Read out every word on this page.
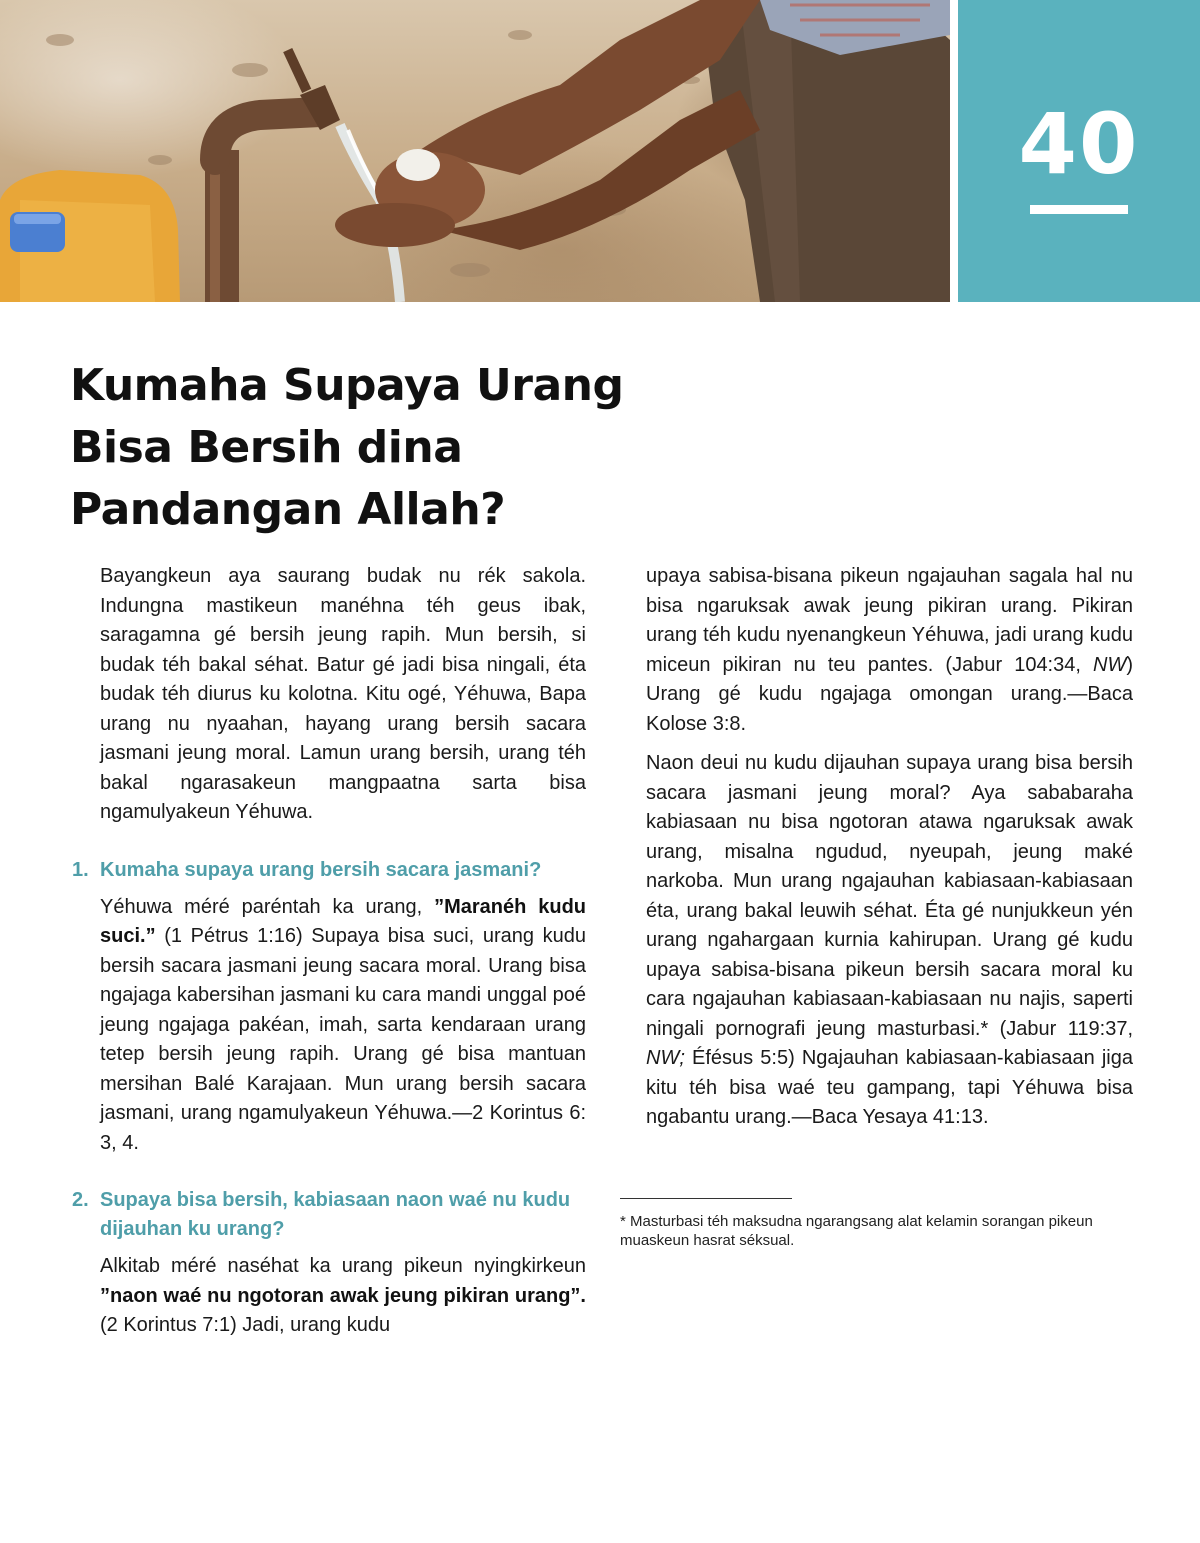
40
Kumaha Supaya Urang
Bisa Bersih dina
Pandangan Allah?

Bayangkeun aya saurang budak nu rék sakola. Indungna mastikeun manéhna téh geus ibak, saragamna gé bersih jeung rapih. Mun bersih, si budak téh bakal séhat. Batur gé jadi bisa ningali, éta budak téh diurus ku kolotna. Kitu ogé, Yéhuwa, Bapa urang nu nyaahan, hayang urang bersih sacara jasmani jeung moral. Lamun urang bersih, urang téh bakal ngarasakeun mangpaatna sarta bisa ngamulyakeun Yéhuwa.

1. Kumaha supaya urang bersih sacara jasmani?

Yéhuwa méré paréntah ka urang, ”Maranéh kudu suci.” (1 Pétrus 1:16) Supaya bisa suci, urang kudu bersih sacara jasmani jeung sacara moral. Urang bisa ngajaga kabersihan jasmani ku cara mandi unggal poé jeung ngajaga pakéan, imah, sarta kendaraan urang tetep bersih jeung rapih. Urang gé bisa mantuan mersihan Balé Karajaan. Mun urang bersih sacara jasmani, urang ngamulyakeun Yéhuwa.—2 Korintus 6: 3, 4.

2. Supaya bisa bersih, kabiasaan naon waé nu kudu dijauhan ku urang?

Alkitab méré naséhat ka urang pikeun nyingkirkeun ”naon waé nu ngotoran awak jeung pikiran urang”. (2 Korintus 7:1) Jadi, urang kudu

upaya sabisa-bisana pikeun ngajauhan sagala hal nu bisa ngaruksak awak jeung pikiran urang. Pikiran urang téh kudu nyenangkeun Yéhuwa, jadi urang kudu miceun pikiran nu teu pantes. (Jabur 104:34, NW) Urang gé kudu ngajaga omongan urang.—Baca Kolose 3:8.

Naon deui nu kudu dijauhan supaya urang bisa bersih sacara jasmani jeung moral? Aya sababaraha kabiasaan nu bisa ngotoran atawa ngaruksak awak urang, misalna ngudud, nyeupah, jeung maké narkoba. Mun urang ngajauhan kabiasaan-kabiasaan éta, urang bakal leuwih séhat. Éta gé nunjukkeun yén urang ngahargaan kurnia kahirupan. Urang gé kudu upaya sabisa-bisana pikeun bersih sacara moral ku cara ngajauhan kabiasaan-kabiasaan nu najis, saperti ningali pornografi jeung masturbasi.* (Jabur 119:37, NW; Éfésus 5:5) Ngajauhan kabiasaan-kabiasaan jiga kitu téh bisa waé teu gampang, tapi Yéhuwa bisa ngabantu urang.—Baca Yesaya 41:13.

* Masturbasi téh maksudna ngarangsang alat kelamin sorangan pikeun muaskeun hasrat séksual.
